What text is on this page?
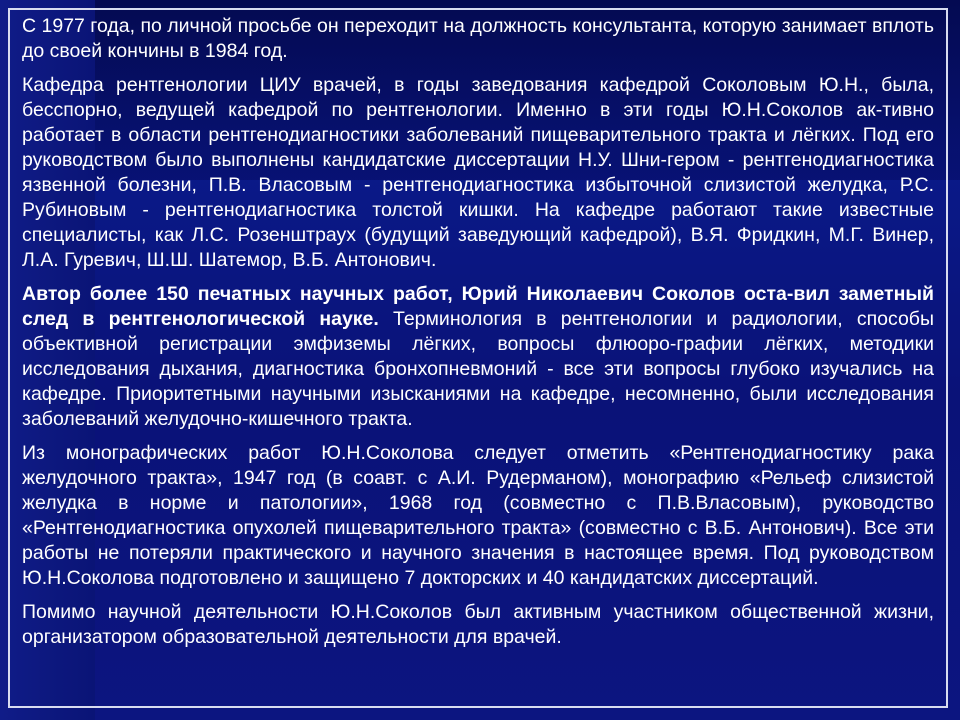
С 1977 года, по личной просьбе он переходит на должность консультанта, которую занимает вплоть до своей кончины в 1984 год.

Кафедра рентгенологии ЦИУ врачей, в годы заведования кафедрой Соколовым Ю.Н., была, бесспорно, ведущей кафедрой по рентгенологии. Именно в эти годы Ю.Н.Соколов ак-тивно работает в области рентгенодиагностики заболеваний пищеварительного тракта и лёгких. Под его руководством было выполнены кандидатские диссертации Н.У. Шни-гером - рентгенодиагностика язвенной болезни, П.В. Власовым - рентгенодиагностика избыточной слизистой желудка, Р.С. Рубиновым - рентгенодиагностика толстой кишки. На кафедре работают такие известные специалисты, как Л.С. Розенштраух (будущий заведующий кафедрой), В.Я. Фридкин, М.Г. Винер, Л.А. Гуревич, Ш.Ш. Шатемор, В.Б. Антонович.

Автор более 150 печатных научных работ, Юрий Николаевич Соколов оста-вил заметный след в рентгенологической науке. Терминология в рентгенологии и радиологии, способы объективной регистрации эмфиземы лёгких, вопросы флюоро-графии лёгких, методики исследования дыхания, диагностика бронхопневмоний - все эти вопросы глубоко изучались на кафедре. Приоритетными научными изысканиями на кафедре, несомненно, были исследования заболеваний желудочно-кишечного тракта.

Из монографических работ Ю.Н.Соколова следует отметить «Рентгенодиагностику рака желудочного тракта», 1947 год (в соавт. с А.И. Рудерманом), монографию «Рельеф слизистой желудка в норме и патологии», 1968 год (совместно с П.В.Власовым), руководство «Рентгенодиагностика опухолей пищеварительного тракта» (совместно с В.Б. Антонович). Все эти работы не потеряли практического и научного значения в настоящее время. Под руководством Ю.Н.Соколова подготовлено и защищено 7 докторских и 40 кандидатских диссертаций.

Помимо научной деятельности Ю.Н.Соколов был активным участником общественной жизни, организатором образовательной деятельности для врачей.
